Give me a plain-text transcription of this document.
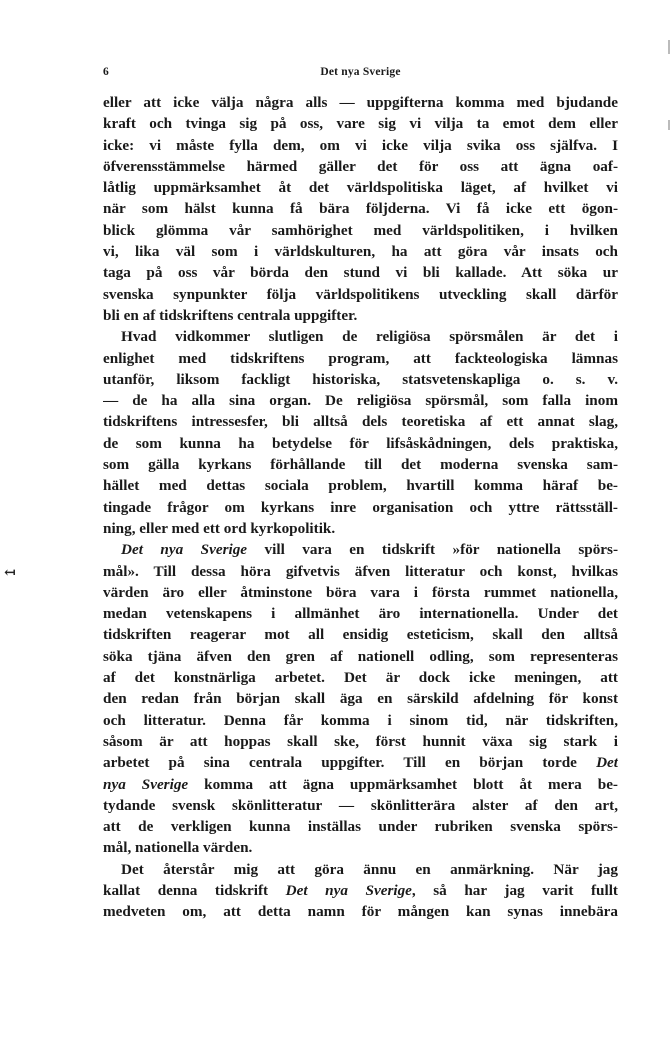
6	Det nya Sverige
↤
eller att icke välja några alls — uppgifterna komma med bjudande
kraft och tvinga sig på oss, vare sig vi vilja ta emot dem eller
icke: vi måste fylla dem, om vi icke vilja svika oss själfva. I
öfverensstämmelse härmed gäller det för oss att ägna oaf-
låtlig uppmärksamhet åt det världspolitiska läget, af hvilket vi
när som hälst kunna få bära följderna. Vi få icke ett ögon-
blick glömma vår samhörighet med världspolitiken, i hvilken
vi, lika väl som i världskulturen, ha att göra vår insats och
taga på oss vår börda den stund vi bli kallade. Att söka ur
svenska synpunkter följa världspolitikens utveckling skall därför
bli en af tidskriftens centrala uppgifter.
Hvad vidkommer slutligen de religiösa spörsmålen är det i
enlighet med tidskriftens program, att fackteologiska lämnas
utanför, liksom fackligt historiska, statsvetenskapliga o. s. v.
— de ha alla sina organ. De religiösa spörsmål, som falla inom
tidskriftens intressesfer, bli alltså dels teoretiska af ett annat slag,
de som kunna ha betydelse för lifsåskådningen, dels praktiska,
som gälla kyrkans förhållande till det moderna svenska sam-
hället med dettas sociala problem, hvartill komma häraf be-
tingade frågor om kyrkans inre organisation och yttre rättsställ-
ning, eller med ett ord kyrkopolitik.
Det nya Sverige vill vara en tidskrift »för nationella spörs-
mål». Till dessa höra gifvetvis äfven litteratur och konst, hvilkas
värden äro eller åtminstone böra vara i första rummet nationella,
medan vetenskapens i allmänhet äro internationella. Under det
tidskriften reagerar mot all ensidig esteticism, skall den alltså
söka tjäna äfven den gren af nationell odling, som representeras
af det konstnärliga arbetet. Det är dock icke meningen, att
den redan från början skall äga en särskild afdelning för konst
och litteratur. Denna får komma i sinom tid, när tidskriften,
såsom är att hoppas skall ske, först hunnit växa sig stark i
arbetet på sina centrala uppgifter. Till en början torde Det
nya Sverige komma att ägna uppmärksamhet blott åt mera be-
tydande svensk skönlitteratur — skönlitterära alster af den art,
att de verkligen kunna inställas under rubriken svenska spörs-
mål, nationella värden.
Det återstår mig att göra ännu en anmärkning. När jag
kallat denna tidskrift Det nya Sverige, så har jag varit fullt
medveten om, att detta namn för mången kan synas innebära
